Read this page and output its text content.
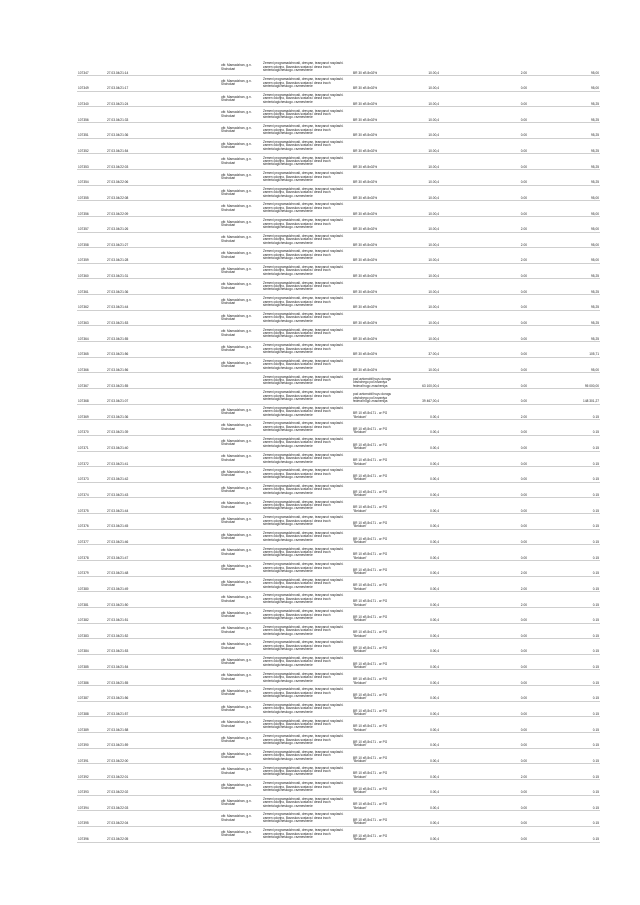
107347	27.03.04/21:14		ofir. Mamadzhan, g.n. Shchokari	Zemeni programadzhnosti, drevyan, teanyanot rosplashi. zamen odorjno, Bavoskos sostava i desra inoch simteriologicheskogo. razmeshenie	BR 30 xB 8x02%	10.00,4		2.00		95,00
107349	27.03.04/21:17		ofir. Mamadzhan, g.n. Shchokari	Zemeni programadzhnosti, drevyan, teanyanot rosplashi. zamen odorjno, Bavoskos sostava i desra inoch simteriologicheskogo. razmeshenie	BR 30 xB 8x02%	10.00,4		0.00		95,00
107340	27.03.04/21:24		ofir. Mamadzhan, g.n. Shchokari	Zemeni programadzhnosti, drevyan, teanyanot rosplashi. zamen odorjno, Bavoskos sostava i desra inoch simteriologicheskogo. razmeshenie	BR 30 xB 8x02%	10.00,4		0.00		95,25
107356	27.03.04/21:33		ofir. Mamadzhan, g.n. Shchokari	Zemeni programadzhnosti, drevyan, teanyanot rosplashi. zamen odorjno, Bavoskos sostava i desra inoch simteriologicheskogo. razmeshenie	BR 30 xB 8x02%	10.00,4		0.00		95,25
107351	27.03.04/21:36		ofir. Mamadzhan, g.n. Shchokari	Zemeni programadzhnosti, drevyan, teanyanot rosplashi. zamen odorjno, Bavoskos sostava i desra inoch simteriologicheskogo. razmeshenie	BR 30 xB 8x02%	10.00,4		0.00		95,25
107352	27.03.04/21:54		ofir. Mamadzhan, g.n. Shchokari	Zemeni programadzhnosti, drevyan, teanyanot rosplashi. zamen odorjno, Bavoskos sostava i desra inoch simteriologicheskogo. razmeshenie	BR 30 xB 8x02%	10.00,4		0.00		95,25
107353	27.03.04/22:03		ofir. Mamadzhan, g.n. Shchokari	Zemeni programadzhnosti, drevyan, teanyanot rosplashi. zamen odorjno, Bavoskos sostava i desra inoch simteriologicheskogo. razmeshenie	BR 30 xB 8x02%	10.00,4		0.00		95,25
107354	27.03.04/22:06		ofir. Mamadzhan, g.n. Shchokari	Zemeni programadzhnosti, drevyan, teanyanot rosplashi. zamen odorjno, Bavoskos sostava i desra inoch simteriologicheskogo. razmeshenie	BR 30 xB 8x02%	10.00,4		0.00		95,25
107355	27.03.04/22:08		ofir. Mamadzhan, g.n. Shchokari	Zemeni programadzhnosti, drevyan, teanyanot rosplashi. zamen odorjno, Bavoskos sostava i desra inoch simteriologicheskogo. razmeshenie	BR 30 xB 8x02%	10.00,4		0.00		95,00
107356	27.03.04/22:09		ofir. Mamadzhan, g.n. Shchokari	Zemeni programadzhnosti, drevyan, teanyanot rosplashi. zamen odorjno, Bavoskos sostava i desra inoch simteriologicheskogo. razmeshenie	BR 30 xB 8x02%	10.00,4		0.00		95,00
107357	27.03.04/21:26		ofir. Mamadzhan, g.n. Shchokari	Zemeni programadzhnosti, drevyan, teanyanot rosplashi. zamen odorjno, Bavoskos sostava i desra inoch simteriologicheskogo. razmeshenie	BR 30 xB 8x02%	10.00,4		2.00		95,00
107358	27.03.04/21:27		ofir. Mamadzhan, g.n. Shchokari	Zemeni programadzhnosti, drevyan, teanyanot rosplashi. zamen odorjno, Bavoskos sostava i desra inoch simteriologicheskogo. razmeshenie	BR 30 xB 8x02%	10.00,4		2.00		95,00
107359	27.03.04/21:28		ofir. Mamadzhan, g.n. Shchokari	Zemeni programadzhnosti, drevyan, teanyanot rosplashi. zamen odorjno, Bavoskos sostava i desra inoch simteriologicheskogo. razmeshenie	BR 30 xB 8x02%	10.00,4		2.00		95,00
107360	27.03.04/21:31		ofir. Mamadzhan, g.n. Shchokari	Zemeni programadzhnosti, drevyan, teanyanot rosplashi. zamen odorjno, Bavoskos sostava i desra inoch simteriologicheskogo. razmeshenie	BR 30 xB 8x02%	10.00,4		0.00		95,25
107361	27.03.04/21:36		ofir. Mamadzhan, g.n. Shchokari	Zemeni programadzhnosti, drevyan, teanyanot rosplashi. zamen odorjno, Bavoskos sostava i desra inoch simteriologicheskogo. razmeshenie	BR 30 xB 8x02%	10.00,4		0.00		95,25
107362	27.03.04/21:44		ofir. Mamadzhan, g.n. Shchokari	Zemeni programadzhnosti, drevyan, teanyanot rosplashi. zamen odorjno, Bavoskos sostava i desra inoch simteriologicheskogo. razmeshenie	BR 30 xB 8x02%	10.00,4		0.00		95,25
107363	27.03.04/21:53		ofir. Mamadzhan, g.n. Shchokari	Zemeni programadzhnosti, drevyan, teanyanot rosplashi. zamen odorjno, Bavoskos sostava i desra inoch simteriologicheskogo. razmeshenie	BR 30 xB 8x02%	10.00,4		0.00		95,25
107364	27.03.04/21:55		ofir. Mamadzhan, g.n. Shchokari	Zemeni programadzhnosti, drevyan, teanyanot rosplashi. zamen odorjno, Bavoskos sostava i desra inoch simteriologicheskogo. razmeshenie	BR 30 xB 8x02%	10.00,4		0.00		95,25
107365	27.03.04/21:56		ofir. Mamadzhan, g.n. Shchokari	Zemeni programadzhnosti, drevyan, teanyanot rosplashi. zamen odorjno, Bavoskos sostava i desra inoch simteriologicheskogo. razmeshenie	BR 30 xB 8x02%	37.00,4		0.00		105,71
107366	27.03.04/21:56		ofir. Mamadzhan, g.n. Shchokari	Zemeni programadzhnosti, drevyan, teanyanot rosplashi. zamen odorjno, Bavoskos sostava i desra inoch simteriologicheskogo. razmeshenie	BR 30 xB 8x02%	10.00,4		0.00		95,00
107367	27.03.04/21:55			Zemeni programadzhnosti, drevyan, teanyanot rosplashi. zamen odorjno, Bavoskos sostava i desra inoch simteriologicheskogo. razmeshenie	pod avtomobil'nuyu dorogu obshchego pol'zovaniya federal'nogo znacheniya	63 100,00,4		0.00		95 000,00
107368	27.03.04/21:07			Zemeni programadzhnosti, drevyan, teanyanot rosplashi. zamen odorjno, Bavoskos sostava i desra inoch simteriologicheskogo. razmeshenie	pod avtomobil'nuyu dorogu obshchego pol'zovaniya federal'nogo znacheniya	39 467,00,4		0.00		148 301,27
107369	27.03.04/21:36		ofir. Mamadzhan, g.n. Shchokari	Zemeni programadzhnosti, drevyan, teanyanot rosplashi. zamen odorjno, Bavoskos sostava i desra inoch simteriologicheskogo. razmeshenie	BR 10 xB 8x171 - or PG "Belokan"	0.00,4		2.00		0.15
107370	27.03.04/21:39		ofir. Mamadzhan, g.n. Shchokari	Zemeni programadzhnosti, drevyan, teanyanot rosplashi. zamen odorjno, Bavoskos sostava i desra inoch simteriologicheskogo. razmeshenie	BR 10 xB 8x171 - or PG "Belokan"	0.00,4		0.00		0.15
107371	27.03.04/21:40		ofir. Mamadzhan, g.n. Shchokari	Zemeni programadzhnosti, drevyan, teanyanot rosplashi. zamen odorjno, Bavoskos sostava i desra inoch simteriologicheskogo. razmeshenie	BR 10 xB 8x171 - or PG "Belokan"	0.00,4		0.00		0.15
107372	27.03.04/21:41		ofir. Mamadzhan, g.n. Shchokari	Zemeni programadzhnosti, drevyan, teanyanot rosplashi. zamen odorjno, Bavoskos sostava i desra inoch simteriologicheskogo. razmeshenie	BR 10 xB 8x171 - or PG "Belokan"	0.00,4		0.00		0.15
107373	27.03.04/21:42		ofir. Mamadzhan, g.n. Shchokari	Zemeni programadzhnosti, drevyan, teanyanot rosplashi. zamen odorjno, Bavoskos sostava i desra inoch simteriologicheskogo. razmeshenie	BR 10 xB 8x171 - or PG "Belokan"	0.00,4		0.00		0.15
107374	27.03.04/21:43		ofir. Mamadzhan, g.n. Shchokari	Zemeni programadzhnosti, drevyan, teanyanot rosplashi. zamen odorjno, Bavoskos sostava i desra inoch simteriologicheskogo. razmeshenie	BR 10 xB 8x171 - or PG "Belokan"	0.00,4		0.00		0.15
107375	27.03.04/21:44		ofir. Mamadzhan, g.n. Shchokari	Zemeni programadzhnosti, drevyan, teanyanot rosplashi. zamen odorjno, Bavoskos sostava i desra inoch simteriologicheskogo. razmeshenie	BR 10 xB 8x171 - or PG "Belokan"	0.00,4		0.00		0.15
107376	27.03.04/21:45		ofir. Mamadzhan, g.n. Shchokari	Zemeni programadzhnosti, drevyan, teanyanot rosplashi. zamen odorjno, Bavoskos sostava i desra inoch simteriologicheskogo. razmeshenie	BR 10 xB 8x171 - or PG "Belokan"	0.00,4		0.00		0.15
107377	27.03.04/21:46		ofir. Mamadzhan, g.n. Shchokari	Zemeni programadzhnosti, drevyan, teanyanot rosplashi. zamen odorjno, Bavoskos sostava i desra inoch simteriologicheskogo. razmeshenie	BR 10 xB 8x171 - or PG "Belokan"	0.00,4		0.00		0.15
107378	27.03.04/21:47		ofir. Mamadzhan, g.n. Shchokari	Zemeni programadzhnosti, drevyan, teanyanot rosplashi. zamen odorjno, Bavoskos sostava i desra inoch simteriologicheskogo. razmeshenie	BR 10 xB 8x171 - or PG "Belokan"	0.00,4		0.00		0.15
107379	27.03.04/21:48		ofir. Mamadzhan, g.n. Shchokari	Zemeni programadzhnosti, drevyan, teanyanot rosplashi. zamen odorjno, Bavoskos sostava i desra inoch simteriologicheskogo. razmeshenie	BR 10 xB 8x171 - or PG "Belokan"	0.00,4		2.00		0.15
107380	27.03.04/21:49		ofir. Mamadzhan, g.n. Shchokari	Zemeni programadzhnosti, drevyan, teanyanot rosplashi. zamen odorjno, Bavoskos sostava i desra inoch simteriologicheskogo. razmeshenie	BR 10 xB 8x171 - or PG "Belokan"	0.00,4		2.00		0.15
107381	27.03.04/21:50		ofir. Mamadzhan, g.n. Shchokari	Zemeni programadzhnosti, drevyan, teanyanot rosplashi. zamen odorjno, Bavoskos sostava i desra inoch simteriologicheskogo. razmeshenie	BR 10 xB 8x171 - or PG "Belokan"	0.00,4		2.00		0.15
107382	27.03.04/21:51		ofir. Mamadzhan, g.n. Shchokari	Zemeni programadzhnosti, drevyan, teanyanot rosplashi. zamen odorjno, Bavoskos sostava i desra inoch simteriologicheskogo. razmeshenie	BR 10 xB 8x171 - or PG "Belokan"	0.00,4		0.00		0.15
107383	27.03.04/21:52		ofir. Mamadzhan, g.n. Shchokari	Zemeni programadzhnosti, drevyan, teanyanot rosplashi. zamen odorjno, Bavoskos sostava i desra inoch simteriologicheskogo. razmeshenie	BR 10 xB 8x171 - or PG "Belokan"	0.00,4		0.00		0.15
107384	27.03.04/21:53		ofir. Mamadzhan, g.n. Shchokari	Zemeni programadzhnosti, drevyan, teanyanot rosplashi. zamen odorjno, Bavoskos sostava i desra inoch simteriologicheskogo. razmeshenie	BR 10 xB 8x171 - or PG "Belokan"	0.00,4		0.00		0.15
107385	27.03.04/21:54		ofir. Mamadzhan, g.n. Shchokari	Zemeni programadzhnosti, drevyan, teanyanot rosplashi. zamen odorjno, Bavoskos sostava i desra inoch simteriologicheskogo. razmeshenie	BR 10 xB 8x171 - or PG "Belokan"	0.00,4		0.00		0.15
107386	27.03.04/21:55		ofir. Mamadzhan, g.n. Shchokari	Zemeni programadzhnosti, drevyan, teanyanot rosplashi. zamen odorjno, Bavoskos sostava i desra inoch simteriologicheskogo. razmeshenie	BR 10 xB 8x171 - or PG "Belokan"	0.00,4		0.00		0.15
107387	27.03.04/21:56		ofir. Mamadzhan, g.n. Shchokari	Zemeni programadzhnosti, drevyan, teanyanot rosplashi. zamen odorjno, Bavoskos sostava i desra inoch simteriologicheskogo. razmeshenie	BR 10 xB 8x171 - or PG "Belokan"	0.00,4		0.00		0.15
107388	27.03.04/21:57		ofir. Mamadzhan, g.n. Shchokari	Zemeni programadzhnosti, drevyan, teanyanot rosplashi. zamen odorjno, Bavoskos sostava i desra inoch simteriologicheskogo. razmeshenie	BR 10 xB 8x171 - or PG "Belokan"	0.00,4		0.00		0.15
107389	27.03.04/21:58		ofir. Mamadzhan, g.n. Shchokari	Zemeni programadzhnosti, drevyan, teanyanot rosplashi. zamen odorjno, Bavoskos sostava i desra inoch simteriologicheskogo. razmeshenie	BR 10 xB 8x171 - or PG "Belokan"	0.00,4		0.00		0.15
107390	27.03.04/21:59		ofir. Mamadzhan, g.n. Shchokari	Zemeni programadzhnosti, drevyan, teanyanot rosplashi. zamen odorjno, Bavoskos sostava i desra inoch simteriologicheskogo. razmeshenie	BR 10 xB 8x171 - or PG "Belokan"	0.00,4		0.00		0.15
107391	27.03.04/22:00		ofir. Mamadzhan, g.n. Shchokari	Zemeni programadzhnosti, drevyan, teanyanot rosplashi. zamen odorjno, Bavoskos sostava i desra inoch simteriologicheskogo. razmeshenie	BR 10 xB 8x171 - or PG "Belokan"	0.00,4		0.00		0.15
107392	27.03.04/22:01		ofir. Mamadzhan, g.n. Shchokari	Zemeni programadzhnosti, drevyan, teanyanot rosplashi. zamen odorjno, Bavoskos sostava i desra inoch simteriologicheskogo. razmeshenie	BR 10 xB 8x171 - or PG "Belokan"	0.00,4		2.00		0.15
107393	27.03.04/22:02		ofir. Mamadzhan, g.n. Shchokari	Zemeni programadzhnosti, drevyan, teanyanot rosplashi. zamen odorjno, Bavoskos sostava i desra inoch simteriologicheskogo. razmeshenie	BR 10 xB 8x171 - or PG "Belokan"	0.00,4		0.00		0.15
107394	27.03.04/22:03		ofir. Mamadzhan, g.n. Shchokari	Zemeni programadzhnosti, drevyan, teanyanot rosplashi. zamen odorjno, Bavoskos sostava i desra inoch simteriologicheskogo. razmeshenie	BR 10 xB 8x171 - or PG "Belokan"	0.00,4		0.00		0.15
107395	27.03.04/22:04		ofir. Mamadzhan, g.n. Shchokari	Zemeni programadzhnosti, drevyan, teanyanot rosplashi. zamen odorjno, Bavoskos sostava i desra inoch simteriologicheskogo. razmeshenie	BR 10 xB 8x171 - or PG "Belokan"	0.00,4		0.00		0.15
107396	27.03.04/22:05		ofir. Mamadzhan, g.n. Shchokari	Zemeni programadzhnosti, drevyan, teanyanot rosplashi. zamen odorjno, Bavoskos sostava i desra inoch simteriologicheskogo. razmeshenie	BR 10 xB 8x171 - or PG "Belokan"	0.00,4		0.00		0.15
